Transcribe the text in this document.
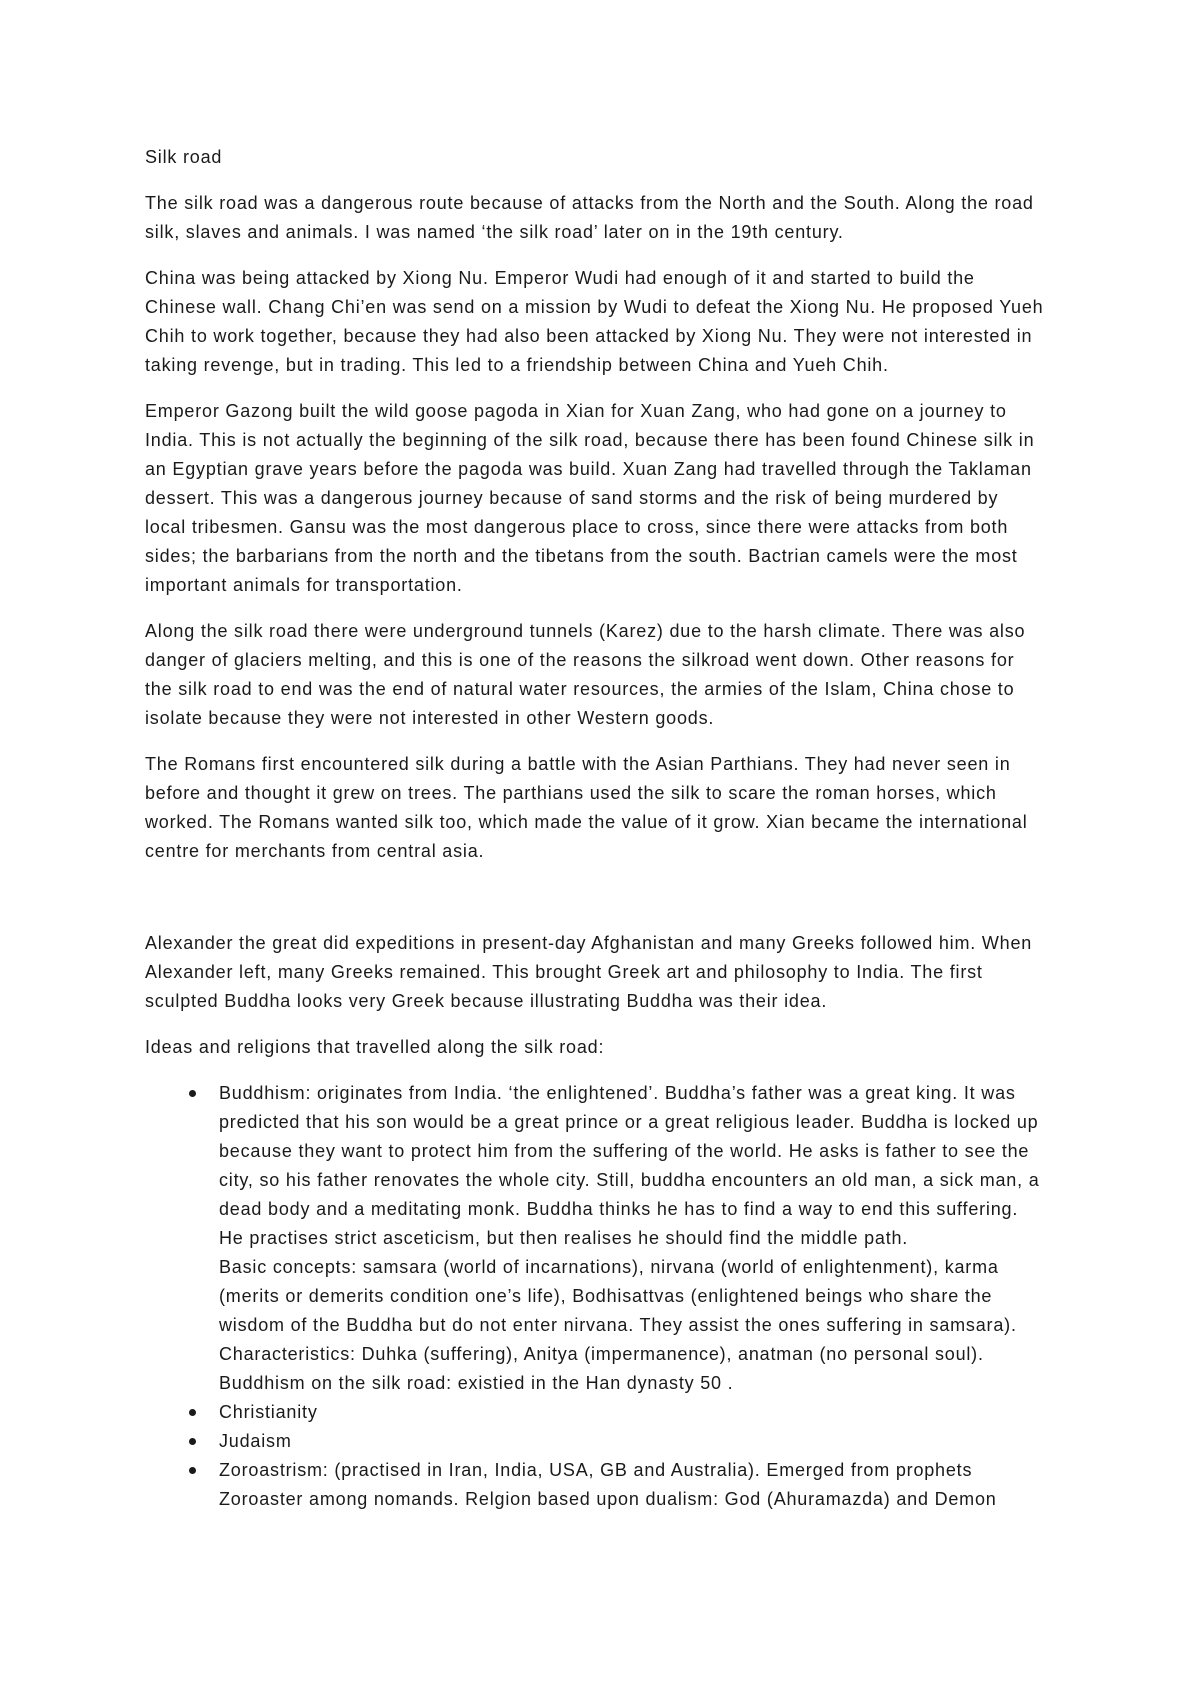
Silk road
The silk road was a dangerous route because of attacks from the North and the South. Along the road
silk, slaves and animals. I was named ‘the silk road’ later on in the 19th century.
China was being attacked by Xiong Nu. Emperor Wudi had enough of it and started to build the
Chinese wall. Chang Chi’en was send on a mission by Wudi to defeat the Xiong Nu. He proposed Yueh
Chih to work together, because they had also been attacked by Xiong Nu. They were not interested in
taking revenge, but in trading. This led to a friendship between China and Yueh Chih.
Emperor Gazong built the wild goose pagoda in Xian for Xuan Zang, who had gone on a journey to
India. This is not actually the beginning of the silk road, because there has been found Chinese silk in
an Egyptian grave years before the pagoda was build. Xuan Zang had travelled through the Taklaman
dessert. This was a dangerous journey because of sand storms and the risk of being murdered by
local tribesmen. Gansu was the most dangerous place to cross, since there were attacks from both
sides; the barbarians from the north and the tibetans from the south. Bactrian camels were the most
important animals for transportation.
Along the silk road there were underground tunnels (Karez) due to the harsh climate. There was also
danger of glaciers melting, and this is one of the reasons the silkroad went down. Other reasons for
the silk road to end was the end of natural water resources, the armies of the Islam, China chose to
isolate because they were not interested in other Western goods.
The Romans first encountered silk during a battle with the Asian Parthians. They had never seen in
before and thought it grew on trees. The parthians used the silk to scare the roman horses, which
worked. The Romans wanted silk too, which made the value of it grow. Xian became the international
centre for merchants from central asia.
Alexander the great did expeditions in present-day Afghanistan and many Greeks followed him. When
Alexander left, many Greeks remained. This brought Greek art and philosophy to India. The first
sculpted Buddha looks very Greek because illustrating Buddha was their idea.
Ideas and religions that travelled along the silk road:
Buddhism: originates from India. ‘the enlightened’. Buddha’s father was a great king. It was
predicted that his son would be a great prince or a great religious leader. Buddha is locked up
because they want to protect him from the suffering of the world. He asks is father to see the
city, so his father renovates the whole city. Still, buddha encounters an old man, a sick man, a
dead body and a meditating monk. Buddha thinks he has to find a way to end this suffering.
He practises strict asceticism, but then realises he should find the middle path.
Basic concepts: samsara (world of incarnations), nirvana (world of enlightenment), karma
(merits or demerits condition one’s life), Bodhisattvas (enlightened beings who share the
wisdom of the Buddha but do not enter nirvana. They assist the ones suffering in samsara).
Characteristics: Duhka (suffering), Anitya (impermanence), anatman (no personal soul).
Buddhism on the silk road: existied in the Han dynasty 50 .
Christianity
Judaism
Zoroastrism: (practised in Iran, India, USA, GB and Australia). Emerged from prophets
Zoroaster among nomands. Relgion based upon dualism: God (Ahuramazda) and Demon
